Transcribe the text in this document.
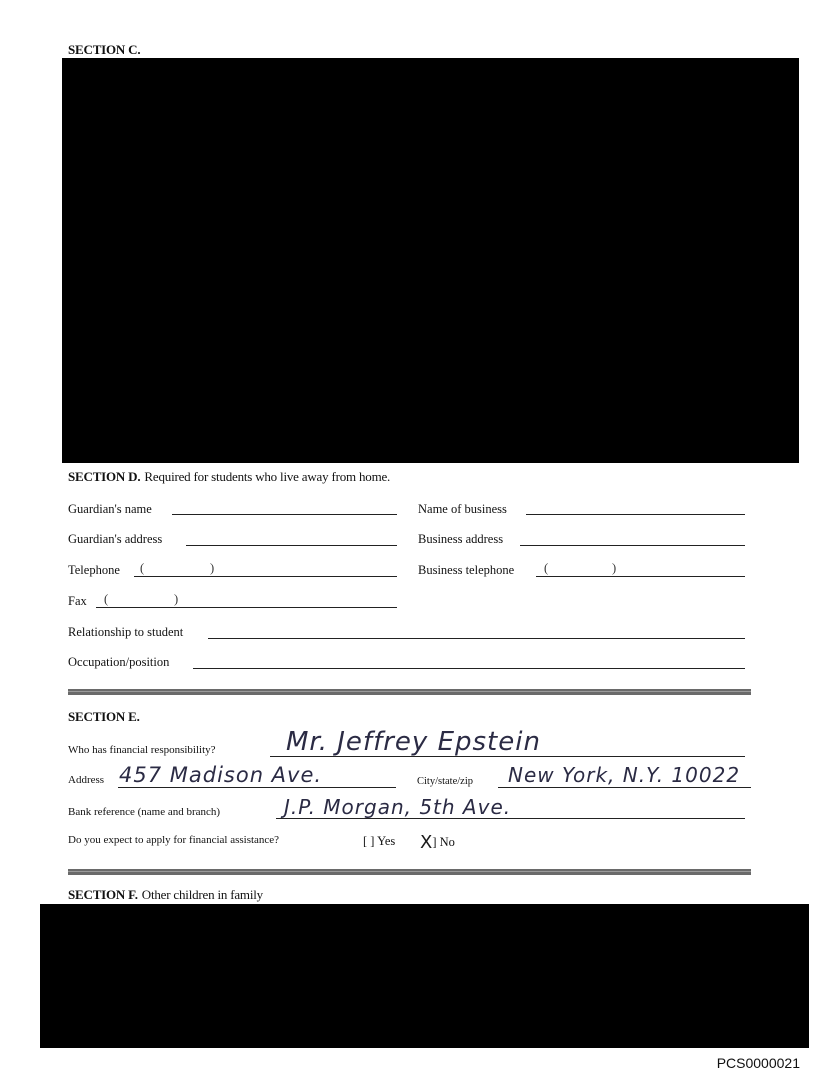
SECTION C.
SECTION D. Required for students who live away from home.
Guardian's name	Name of business
Guardian's address	Business address
Telephone (	)	Business telephone (	)
Fax (	)
Relationship to student
Occupation/position
SECTION E.
Who has financial responsibility?	Mr. Jeffrey Epstein
Address 457 Madison Ave.	City/state/zip New York, N.Y. 10022
Bank reference (name and branch)	J.P. Morgan, 5th Ave.
Do you expect to apply for financial assistance?	[ ] Yes X] No
SECTION F. Other children in family
PCS0000021
